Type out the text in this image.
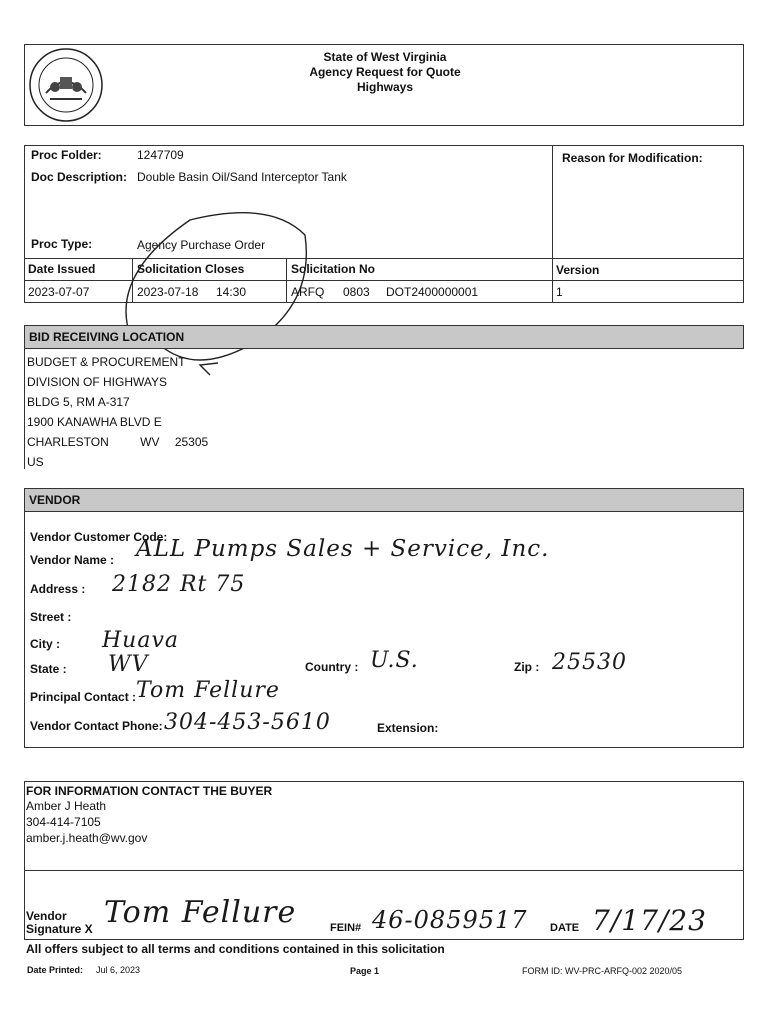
State of West Virginia
Agency Request for Quote
Highways
Proc Folder:	1247709	Reason for Modification:
Doc Description: Double Basin Oil/Sand Interceptor Tank
Proc Type:	Agency Purchase Order
Date Issued	Solicitation Closes	Solicitation No	Version
2023-07-07	2023-07-18 14:30	ARFQ 0803 DOT2400000001	1
BID RECEIVING LOCATION
BUDGET & PROCUREMENT
DIVISION OF HIGHWAYS
BLDG 5, RM A-317
1900 KANAWHA BLVD E
CHARLESTON	WV 25305
US
VENDOR
Vendor Customer Code:
Vendor Name : ALL Pumps Sales + Service, Inc.
Address : 2182 Rt 75
Street :
City : Huava
State : WV	Country : U.S.	Zip : 25530
Principal Contact : Tom Fellure
Vendor Contact Phone: 304-453-5610	Extension:
FOR INFORMATION CONTACT THE BUYER
Amber J Heath
304-414-7105
amber.j.heath@wv.gov
Vendor
Signature X Tom Fellure	FEIN# 46-0859517 DATE 7/17/23
All offers subject to all terms and conditions contained in this solicitation
Date Printed: Jul 6, 2023	Page 1	FORM ID: WV-PRC-ARFQ-002 2020/05
